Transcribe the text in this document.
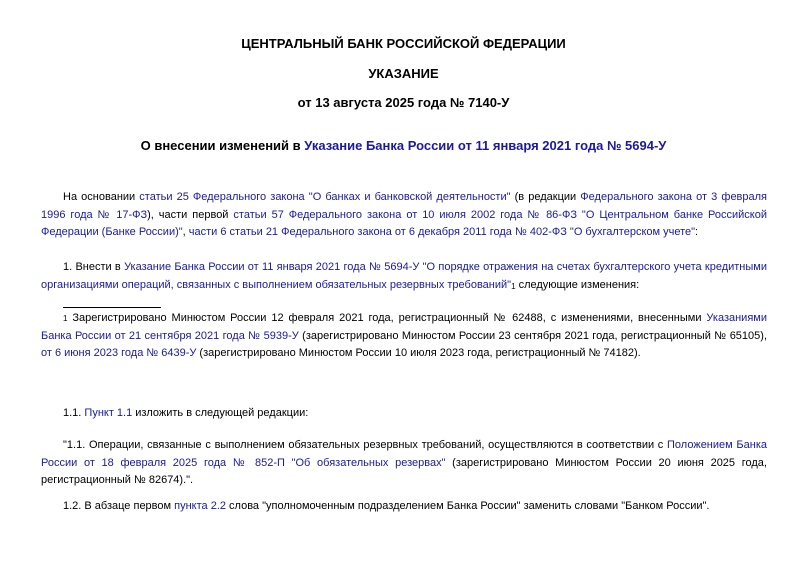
ЦЕНТРАЛЬНЫЙ БАНК РОССИЙСКОЙ ФЕДЕРАЦИИ
УКАЗАНИЕ
от 13 августа 2025 года № 7140-У
О внесении изменений в Указание Банка России от 11 января 2021 года № 5694-У

На основании статьи 25 Федерального закона "О банках и банковской деятельности" (в редакции Федерального закона от 3 февраля 1996 года № 17-ФЗ), части первой статьи 57 Федерального закона от 10 июля 2002 года № 86-ФЗ "О Центральном банке Российской Федерации (Банке России)", части 6 статьи 21 Федерального закона от 6 декабря 2011 года № 402-ФЗ "О бухгалтерском учете":

1. Внести в Указание Банка России от 11 января 2021 года № 5694-У "О порядке отражения на счетах бухгалтерского учета кредитными организациями операций, связанных с выполнением обязательных резервных требований"1 следующие изменения:

1 Зарегистрировано Минюстом России 12 февраля 2021 года, регистрационный № 62488, с изменениями, внесенными Указаниями Банка России от 21 сентября 2021 года № 5939-У (зарегистрировано Минюстом России 23 сентября 2021 года, регистрационный № 65105), от 6 июня 2023 года № 6439-У (зарегистрировано Минюстом России 10 июля 2023 года, регистрационный № 74182).

1.1. Пункт 1.1 изложить в следующей редакции:

"1.1. Операции, связанные с выполнением обязательных резервных требований, осуществляются в соответствии с Положением Банка России от 18 февраля 2025 года № 852-П "Об обязательных резервах" (зарегистрировано Минюстом России 20 июня 2025 года, регистрационный № 82674).".

1.2. В абзаце первом пункта 2.2 слова "уполномоченным подразделением Банка России" заменить словами "Банком России".
